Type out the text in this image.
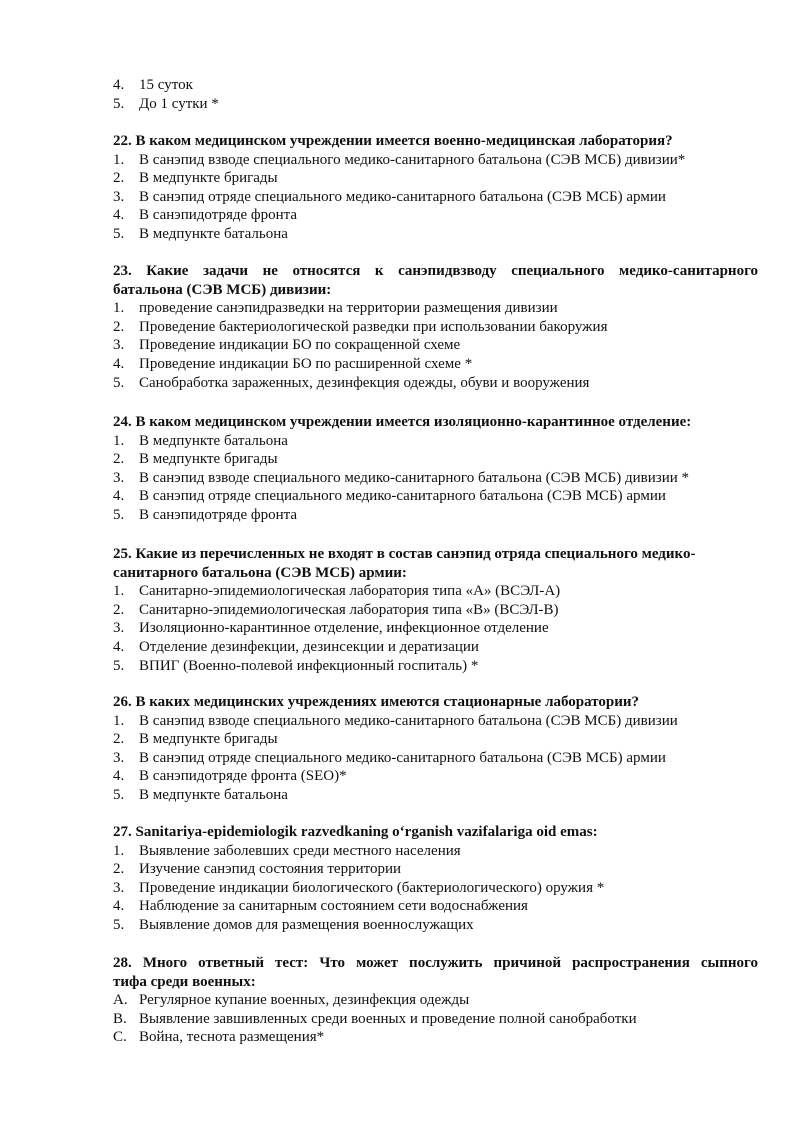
4. 15 суток
5. До 1 сутки *
22. В каком медицинском учреждении имеется военно-медицинская лаборатория?
1. В санэпид взводе специального медико-санитарного батальона (СЭВ МСБ) дивизии*
2. В медпункте бригады
3. В санэпид отряде специального медико-санитарного батальона (СЭВ МСБ) армии
4. В санэпидотряде фронта
5. В медпункте батальона
23. Какие задачи не относятся к санэпидвзводу специального медико-санитарного
батальона (СЭВ МСБ) дивизии:
1. проведение санэпидразведки на территории размещения дивизии
2. Проведение бактериологической разведки при использовании бакоружия
3. Проведение индикации БО по сокращенной схеме
4. Проведение индикации БО по расширенной схеме *
5. Санобработка зараженных, дезинфекция одежды, обуви и вооружения
24. В каком медицинском учреждении имеется изоляционно-карантинное отделение:
1. В медпункте батальона
2. В медпункте бригады
3. В санэпид взводе специального медико-санитарного батальона (СЭВ МСБ) дивизии *
4. В санэпид отряде специального медико-санитарного батальона (СЭВ МСБ) армии
5. В санэпидотряде фронта
25. Какие из перечисленных не входят в состав санэпид отряда специального медико-
санитарного батальона (СЭВ МСБ) армии:
1. Санитарно-эпидемиологическая лаборатория типа «А» (ВСЭЛ-А)
2. Санитарно-эпидемиологическая лаборатория типа «В» (ВСЭЛ-В)
3. Изоляционно-карантинное отделение, инфекционное отделение
4. Отделение дезинфекции, дезинсекции и дератизации
5. ВПИГ (Военно-полевой инфекционный госпиталь) *
26. В каких медицинских учреждениях имеются стационарные лаборатории?
1. В санэпид взводе специального медико-санитарного батальона (СЭВ МСБ) дивизии
2. В медпункте бригады
3. В санэпид отряде специального медико-санитарного батальона (СЭВ МСБ) армии
4. В санэпидотряде фронта (SEO)*
5. В медпункте батальона
27. Sanitariya-epidemiologik razvedkaning oʻrganish vazifalariga oid emas:
1. Выявление заболевших среди местного населения
2. Изучение санэпид состояния территории
3. Проведение индикации биологического (бактериологического) оружия *
4. Наблюдение за санитарным состоянием сети водоснабжения
5. Выявление домов для размещения военнослужащих
28. Много ответный тест: Что может послужить причиной распространения сыпного
тифа среди военных:
A. Регулярное купание военных, дезинфекция одежды
B. Выявление завшивленных среди военных и проведение полной санобработки
C. Война, теснота размещения*
